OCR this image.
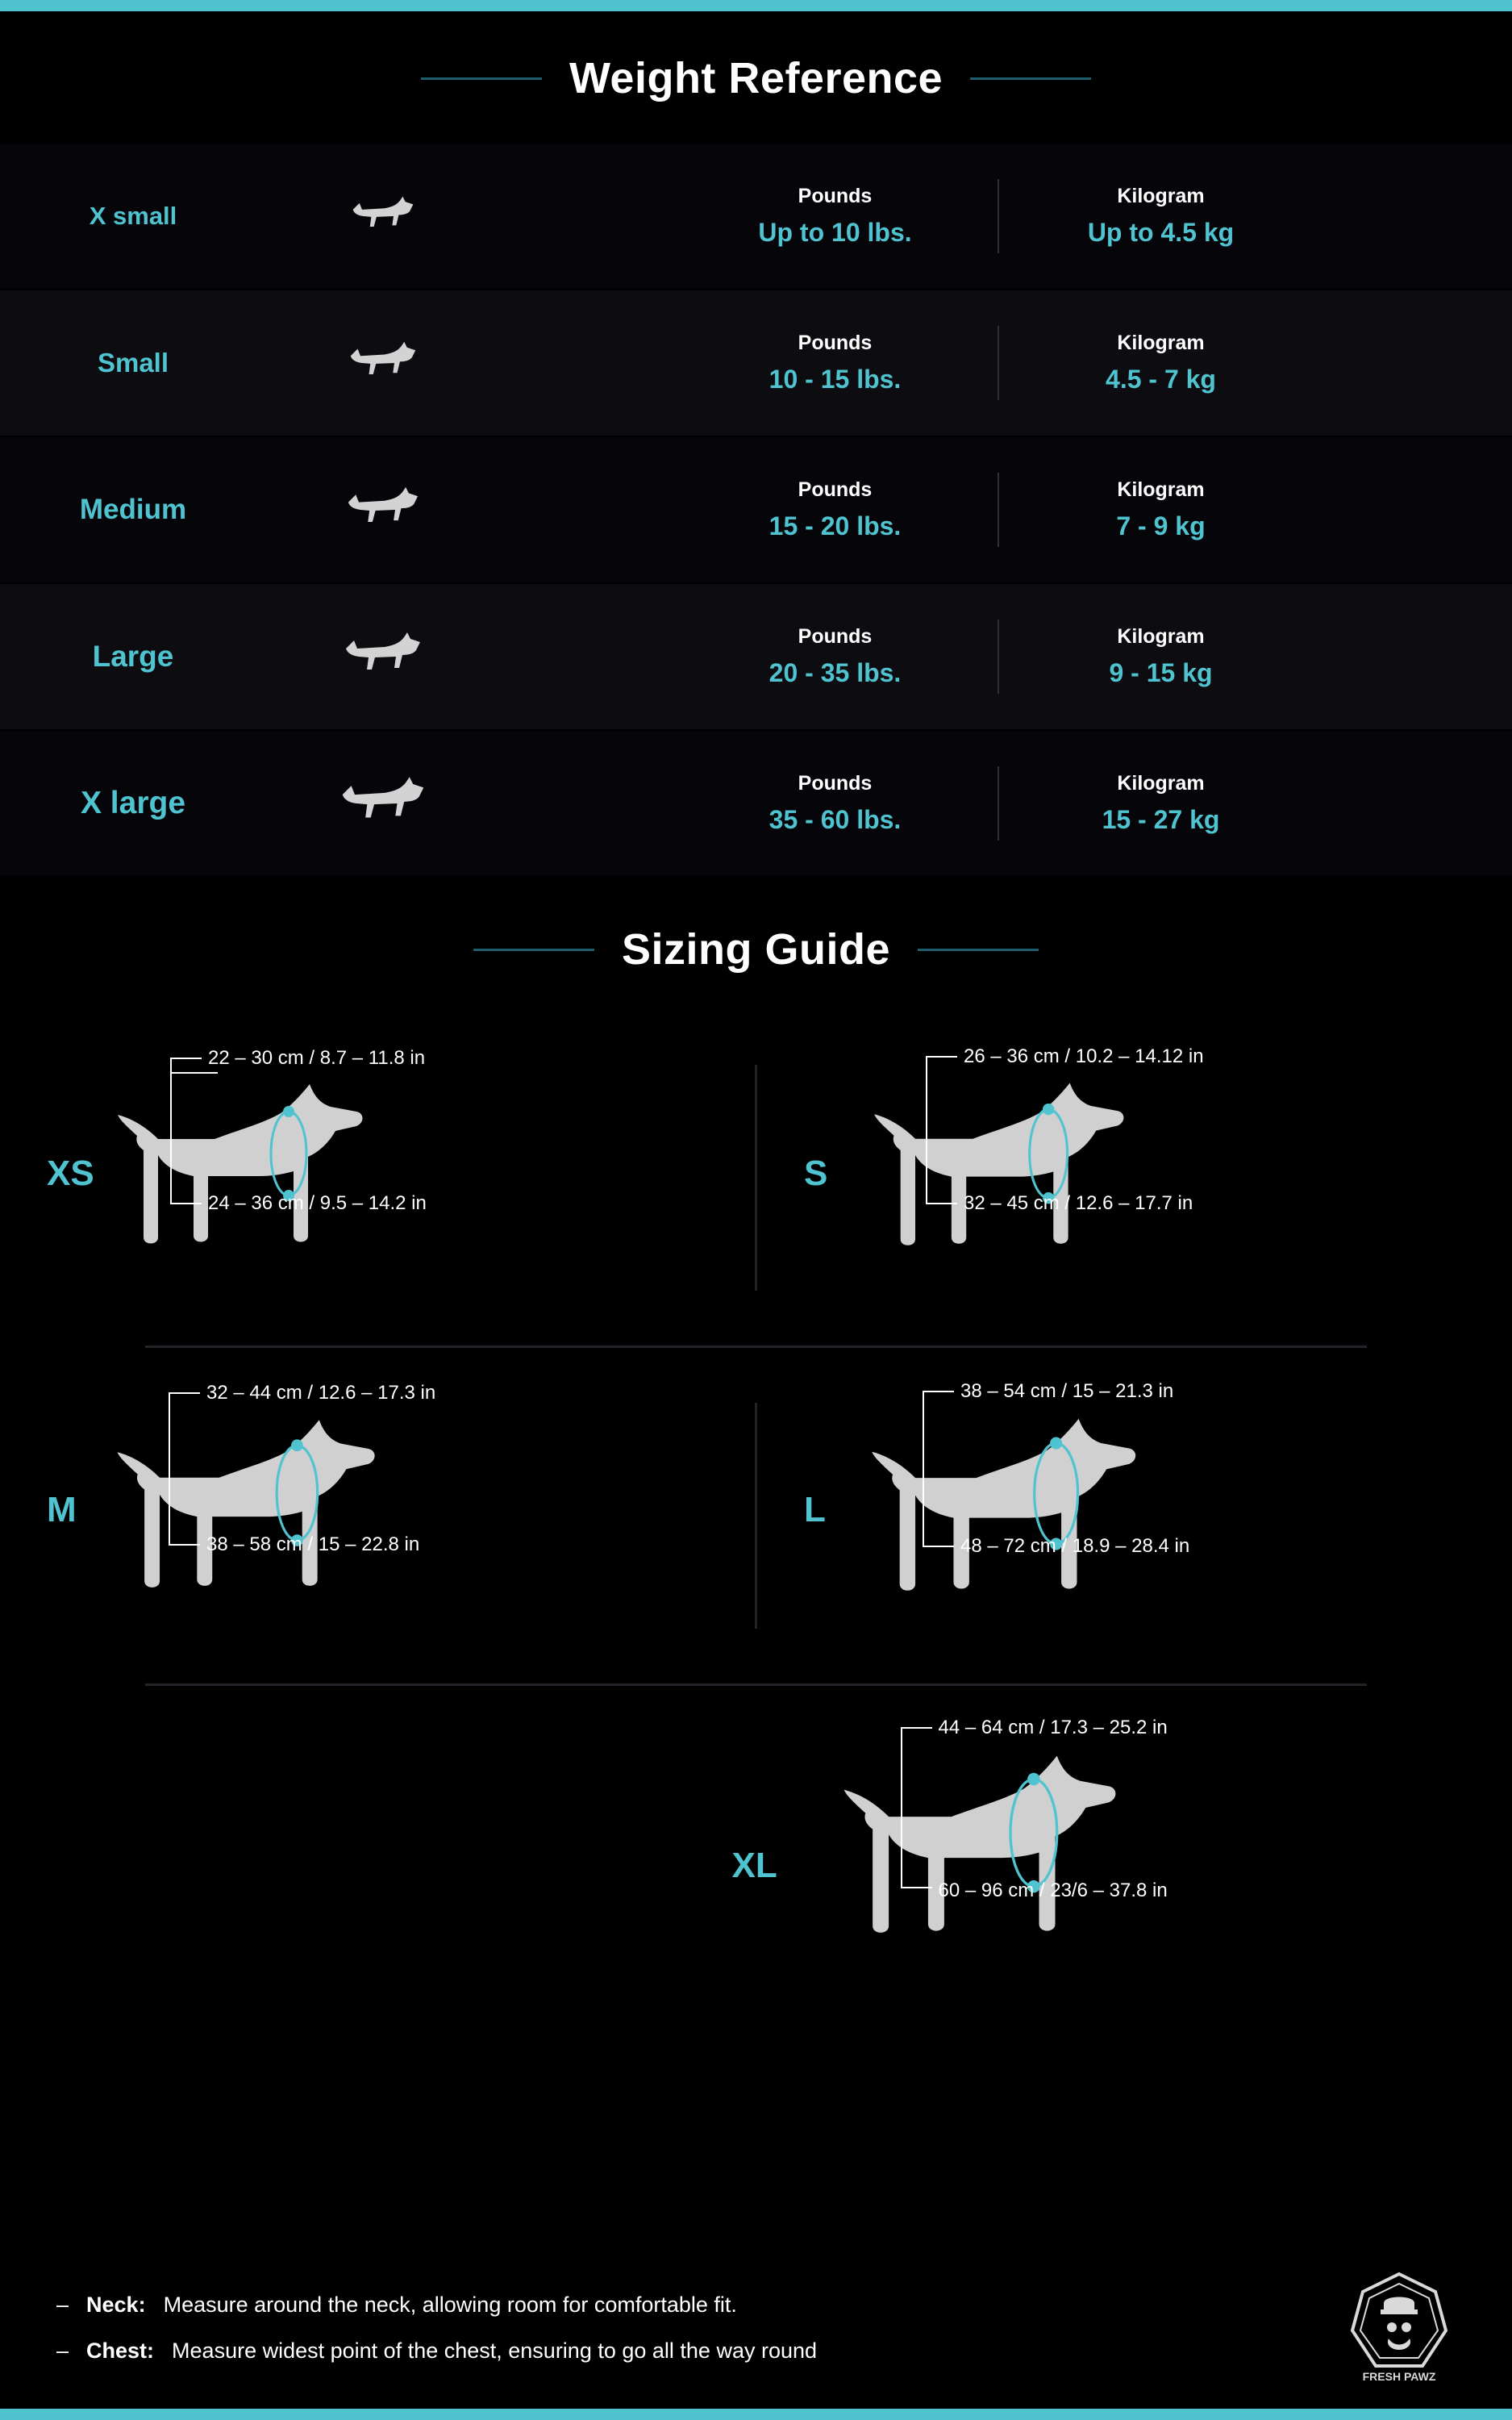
Weight Reference
X small
Pounds
Up to 10 lbs.
Kilogram
Up to 4.5 kg
Small
Pounds
10 - 15 lbs.
Kilogram
4.5 - 7 kg
Medium
Pounds
15 - 20 lbs.
Kilogram
7 - 9 kg
Large
Pounds
20 - 35 lbs.
Kilogram
9 - 15 kg
X large
Pounds
35 - 60 lbs.
Kilogram
15 - 27 kg
Sizing Guide
XS
22 – 30 cm / 8.7 – 11.8 in
24 – 36 cm / 9.5 – 14.2 in
S
26 – 36 cm / 10.2 – 14.12 in
32 – 45 cm / 12.6 – 17.7 in
M
32 – 44 cm / 12.6 – 17.3 in
38 – 58 cm / 15 – 22.8 in
L
38 – 54 cm / 15 – 21.3 in
48 – 72 cm / 18.9 – 28.4 in
XL
44 – 64 cm / 17.3 – 25.2 in
60 – 96 cm / 23/6 – 37.8 in
– Neck: Measure around the neck, allowing room for comfortable fit.
– Chest: Measure widest point of the chest, ensuring to go all the way round
FRESH PAWZ
